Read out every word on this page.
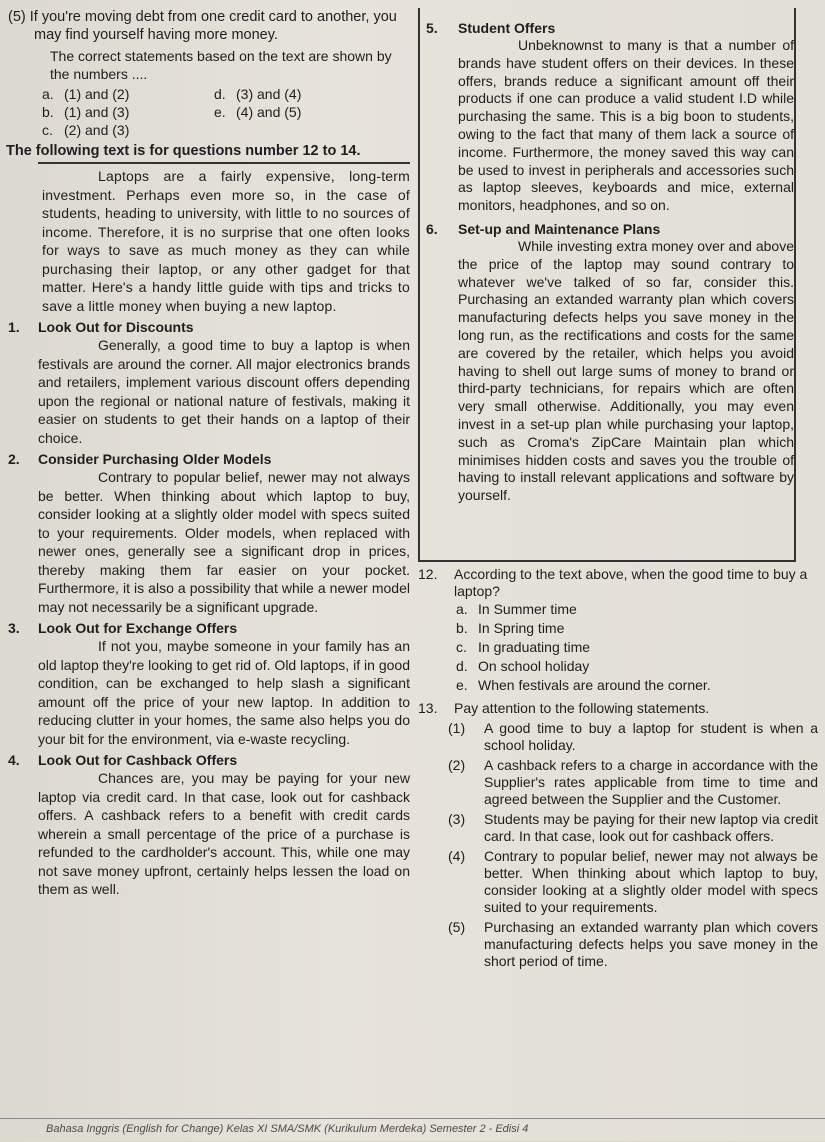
(5) If you're moving debt from one credit card to another, you may find yourself having more money.
The correct statements based on the text are shown by the numbers ....
a. (1) and (2)	d. (3) and (4)
b. (1) and (3)	e. (4) and (5)
c. (2) and (3)
The following text is for questions number 12 to 14.
Laptops are a fairly expensive, long-term investment. Perhaps even more so, in the case of students, heading to university, with little to no sources of income. Therefore, it is no surprise that one often looks for ways to save as much money as they can while purchasing their laptop, or any other gadget for that matter. Here's a handy little guide with tips and tricks to save a little money when buying a new laptop.
1. Look Out for Discounts
Generally, a good time to buy a laptop is when festivals are around the corner. All major electronics brands and retailers, implement various discount offers depending upon the regional or national nature of festivals, making it easier on students to get their hands on a laptop of their choice.
2. Consider Purchasing Older Models
Contrary to popular belief, newer may not always be better. When thinking about which laptop to buy, consider looking at a slightly older model with specs suited to your requirements. Older models, when replaced with newer ones, generally see a significant drop in prices, thereby making them far easier on your pocket. Furthermore, it is also a possibility that while a newer model may not necessarily be a significant upgrade.
3. Look Out for Exchange Offers
If not you, maybe someone in your family has an old laptop they're looking to get rid of. Old laptops, if in good condition, can be exchanged to help slash a significant amount off the price of your new laptop. In addition to reducing clutter in your homes, the same also helps you do your bit for the environment, via e-waste recycling.
4. Look Out for Cashback Offers
Chances are, you may be paying for your new laptop via credit card. In that case, look out for cashback offers. A cashback refers to a benefit with credit cards wherein a small percentage of the price of a purchase is refunded to the cardholder's account. This, while one may not save money upfront, certainly helps lessen the load on them as well.
5. Student Offers
Unbeknownst to many is that a number of brands have student offers on their devices. In these offers, brands reduce a significant amount off their products if one can produce a valid student I.D while purchasing the same. This is a big boon to students, owing to the fact that many of them lack a source of income. Furthermore, the money saved this way can be used to invest in peripherals and accessories such as laptop sleeves, keyboards and mice, external monitors, headphones, and so on.
6. Set-up and Maintenance Plans
While investing extra money over and above the price of the laptop may sound contrary to whatever we've talked of so far, consider this. Purchasing an extanded warranty plan which covers manufacturing defects helps you save money in the long run, as the rectifications and costs for the same are covered by the retailer, which helps you avoid having to shell out large sums of money to brand or third-party technicians, for repairs which are often very small otherwise. Additionally, you may even invest in a set-up plan while purchasing your laptop, such as Croma's ZipCare Maintain plan which minimises hidden costs and saves you the trouble of having to install relevant applications and software by yourself.
12.	According to the text above, when the good time to buy a laptop?
a. In Summer time
b. In Spring time
c. In graduating time
d. On school holiday
e. When festivals are around the corner.
13.	Pay attention to the following statements.
(1)	A good time to buy a laptop for student is when a school holiday.
(2)	A cashback refers to a charge in accordance with the Supplier's rates applicable from time to time and agreed between the Supplier and the Customer.
(3)	Students may be paying for their new laptop via credit card. In that case, look out for cashback offers.
(4)	Contrary to popular belief, newer may not always be better. When thinking about which laptop to buy, consider looking at a slightly older model with specs suited to your requirements.
(5)	Purchasing an extanded warranty plan which covers manufacturing defects helps you save money in the short period of time.
Bahasa Inggris (English for Change) Kelas XI SMA/SMK (Kurikulum Merdeka) Semester 2 - Edisi 4
